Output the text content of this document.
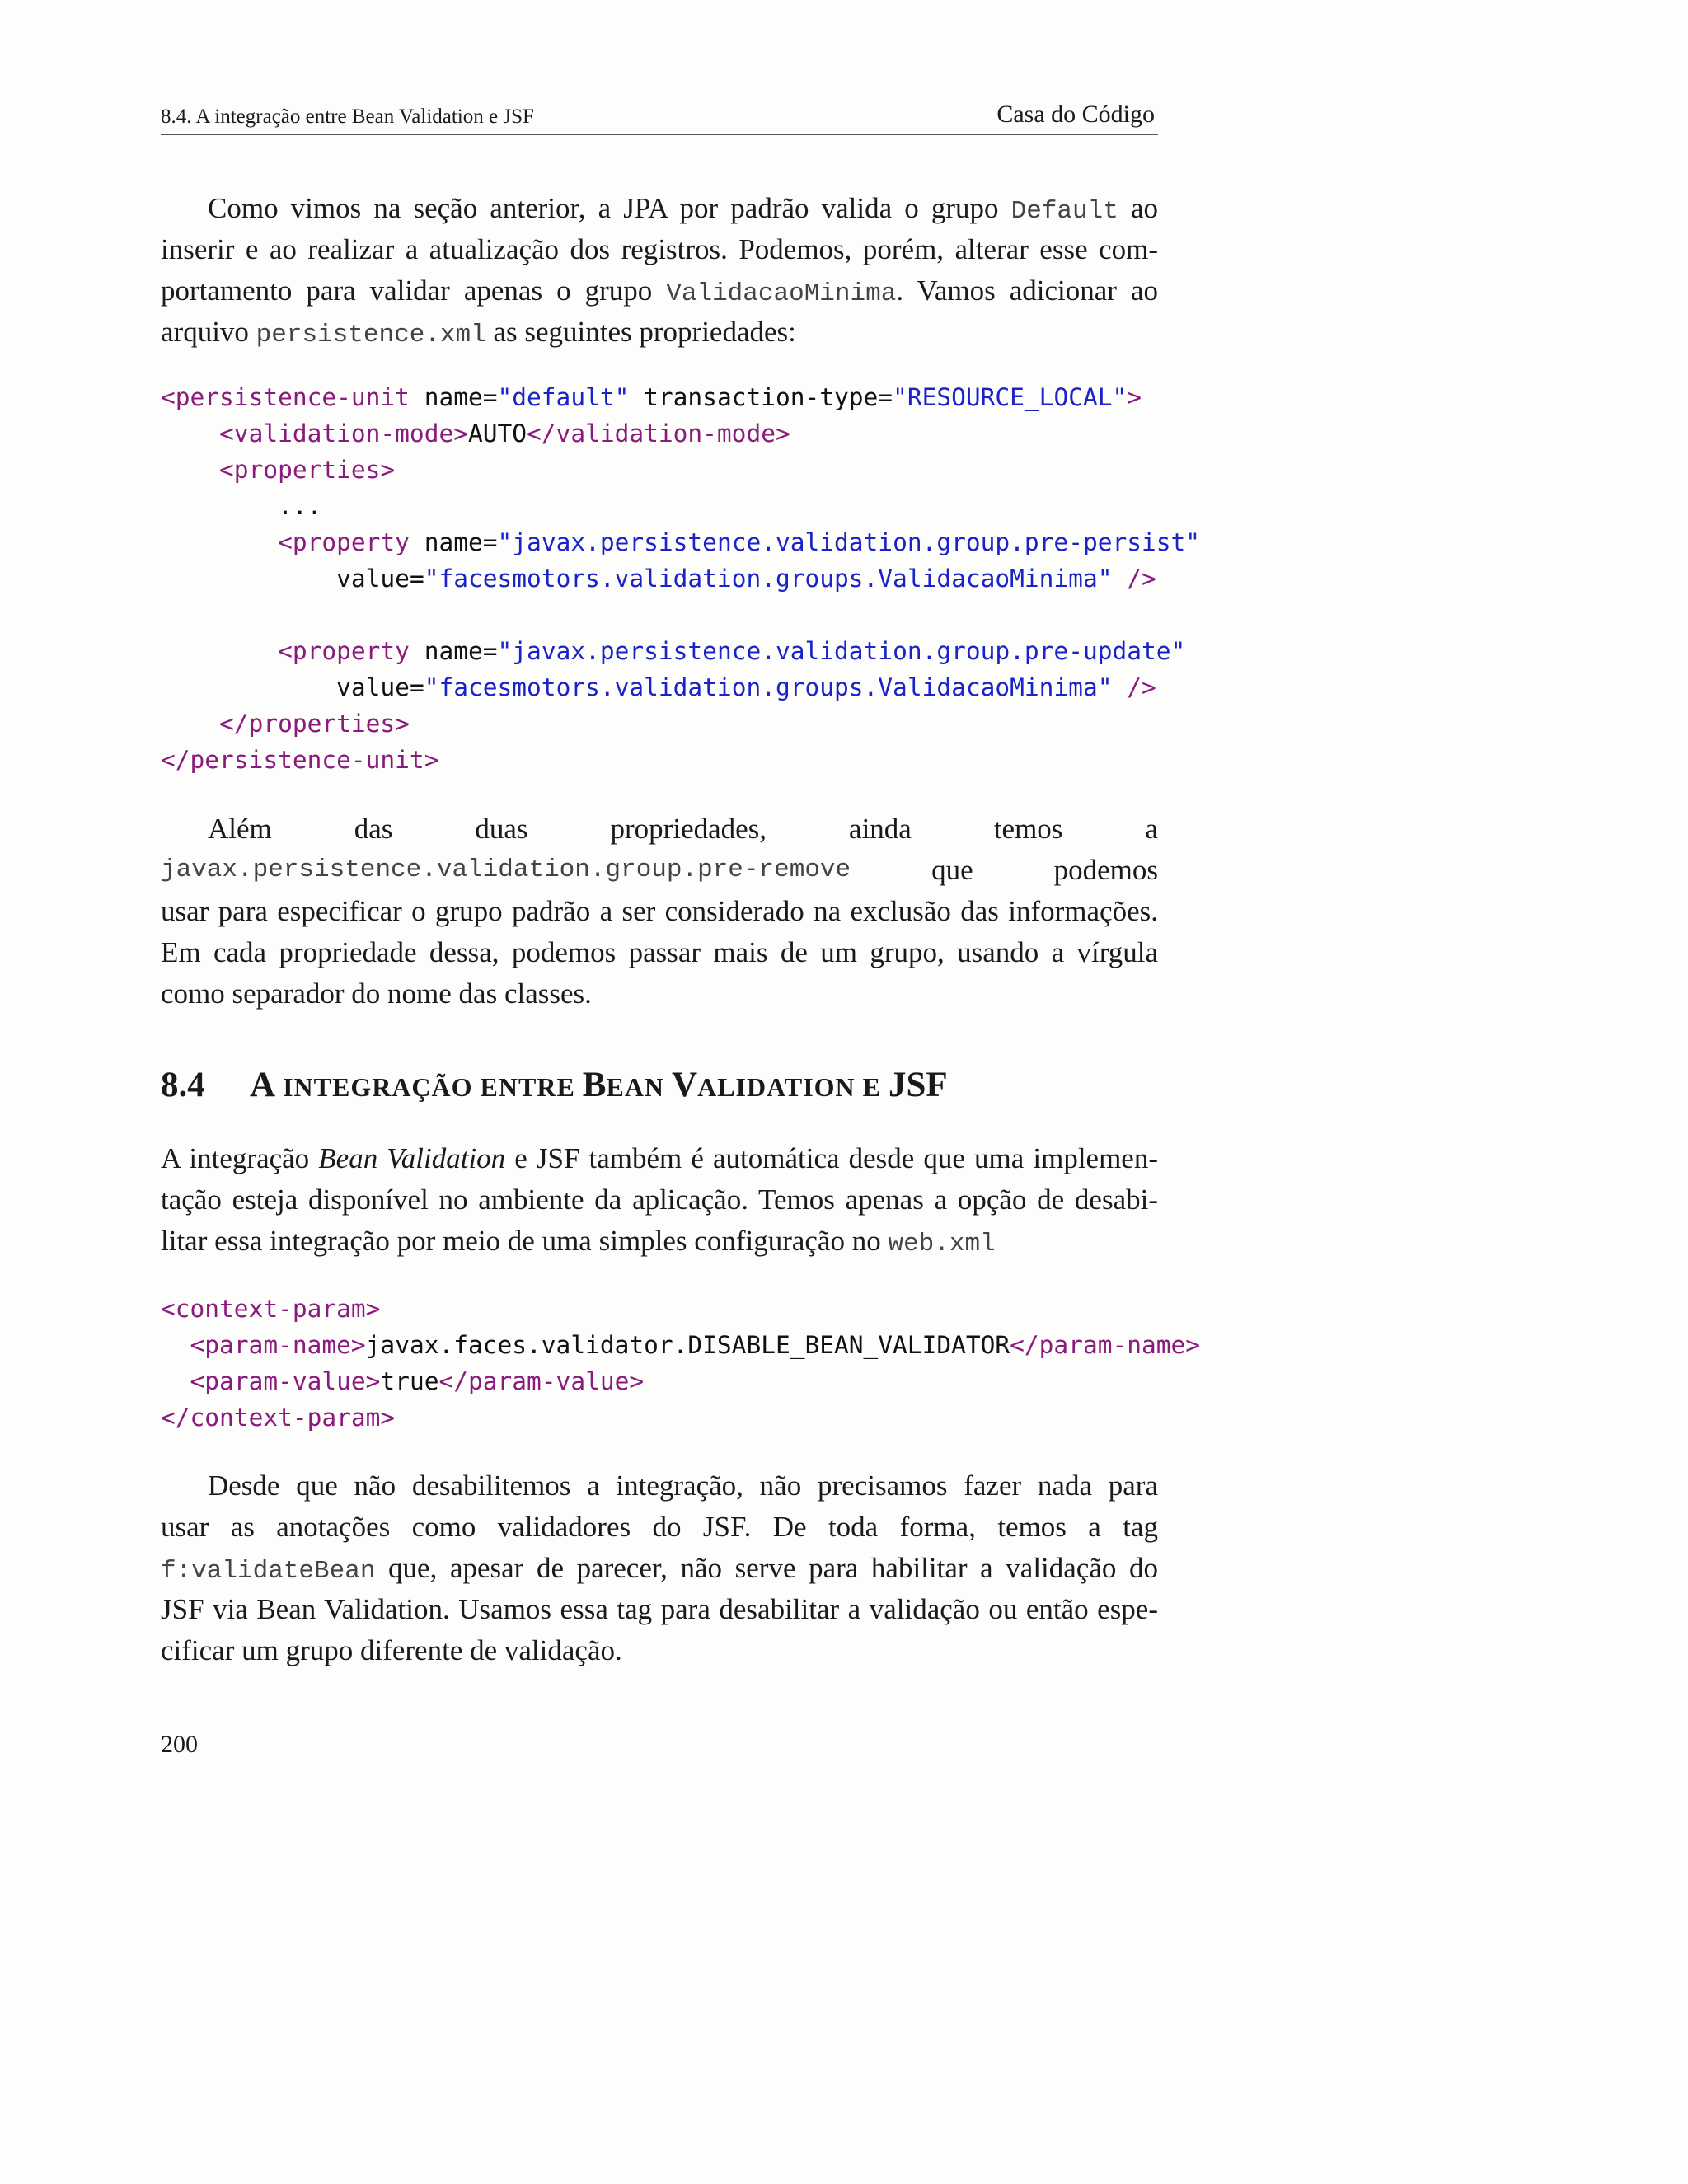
8.4. A integração entre Bean Validation e JSF	Casa do Código
Como vimos na seção anterior, a JPA por padrão valida o grupo Default ao
inserir e ao realizar a atualização dos registros. Podemos, porém, alterar esse com-
portamento para validar apenas o grupo ValidacaoMinima. Vamos adicionar ao
arquivo persistence.xml as seguintes propriedades:
<persistence-unit name="default" transaction-type="RESOURCE_LOCAL">
<validation-mode>AUTO</validation-mode>
<properties>
...
<property name="javax.persistence.validation.group.pre-persist"
value="facesmotors.validation.groups.ValidacaoMinima" />
<property name="javax.persistence.validation.group.pre-update"
value="facesmotors.validation.groups.ValidacaoMinima" />
</properties>
</persistence-unit>
Além	das	duas	propriedades,	ainda	temos	a
javax.persistence.validation.group.pre-remove	que	podemos
usar para especificar o grupo padrão a ser considerado na exclusão das informações.
Em cada propriedade dessa, podemos passar mais de um grupo, usando a vírgula
como separador do nome das classes.
8.4 A INTEGRAÇÃO ENTRE BEAN VALIDATION E JSF
A integração Bean Validation e JSF também é automática desde que uma implemen-
tação esteja disponível no ambiente da aplicação. Temos apenas a opção de desabi-
litar essa integração por meio de uma simples configuração no web.xml
<context-param>
<param-name>javax.faces.validator.DISABLE_BEAN_VALIDATOR</param-name>
<param-value>true</param-value>
</context-param>
Desde que não desabilitemos a integração, não precisamos fazer nada para
usar as anotações como validadores do JSF. De toda forma, temos a tag
f:validateBean que, apesar de parecer, não serve para habilitar a validação do
JSF via Bean Validation. Usamos essa tag para desabilitar a validação ou então espe-
cificar um grupo diferente de validação.
200
